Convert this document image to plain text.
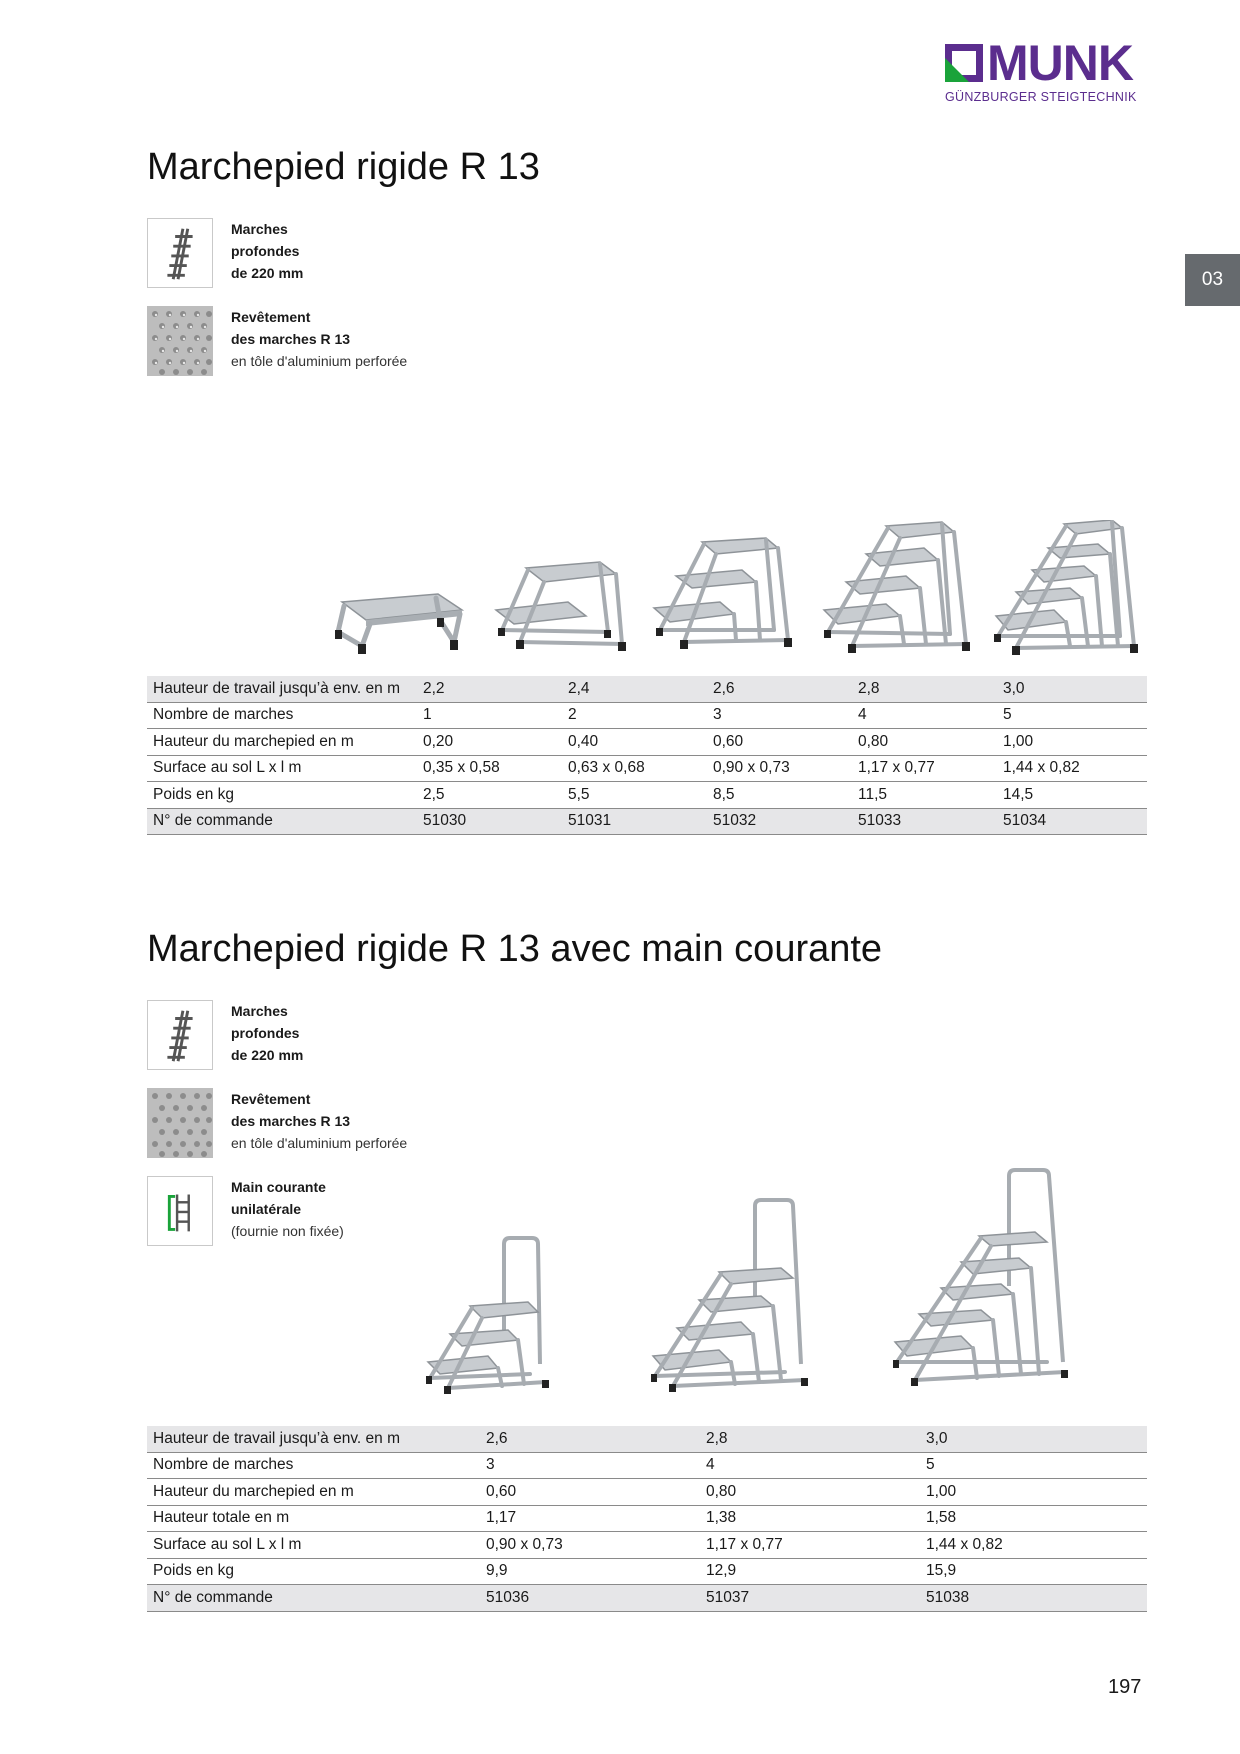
MUNK
GÜNZBURGER STEIGTECHNIK
03
Marchepied rigide R 13
Marches
profondes
de 220 mm
Revêtement
des marches R 13
en tôle d'aluminium perforée
Hauteur de travail jusqu’à env. en m	2,2	2,4	2,6	2,8	3,0
Nombre de marches	1	2	3	4	5
Hauteur du marchepied en m	0,20	0,40	0,60	0,80	1,00
Surface au sol L x l m	0,35 x 0,58	0,63 x 0,68	0,90 x 0,73	1,17 x 0,77	1,44 x 0,82
Poids en kg	2,5	5,5	8,5	11,5	14,5
N° de commande	51030	51031	51032	51033	51034
Marchepied rigide R 13 avec main courante
Marches
profondes
de 220 mm
Revêtement
des marches R 13
en tôle d'aluminium perforée
Main courante
unilatérale
(fournie non fixée)
Hauteur de travail jusqu’à env. en m	2,6	2,8	3,0
Nombre de marches	3	4	5
Hauteur du marchepied en m	0,60	0,80	1,00
Hauteur totale en m	1,17	1,38	1,58
Surface au sol L x l m	0,90 x 0,73	1,17 x 0,77	1,44 x 0,82
Poids en kg	9,9	12,9	15,9
N° de commande	51036	51037	51038
197
